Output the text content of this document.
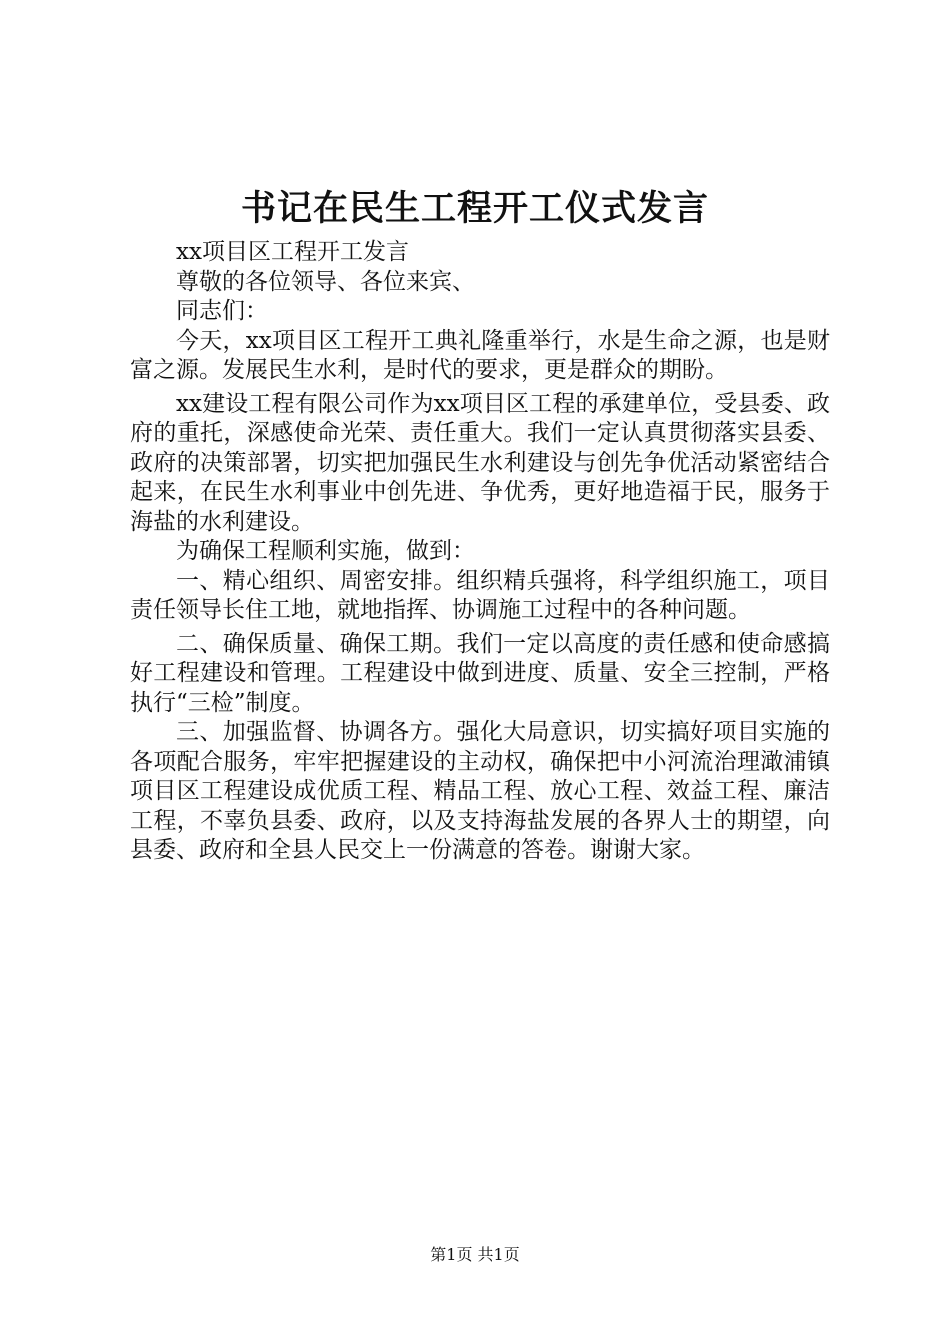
书记在民生工程开工仪式发言

xx项目区工程开工发言

尊敬的各位领导、各位来宾、

同志们：

今天，xx项目区工程开工典礼隆重举行，水是生命之源，也是财富之源。发展民生水利，是时代的要求，更是群众的期盼。

xx建设工程有限公司作为xx项目区工程的承建单位，受县委、政府的重托，深感使命光荣、责任重大。我们一定认真贯彻落实县委、政府的决策部署，切实把加强民生水利建设与创先争优活动紧密结合起来，在民生水利事业中创先进、争优秀，更好地造福于民，服务于海盐的水利建设。

为确保工程顺利实施，做到：

一、精心组织、周密安排。组织精兵强将，科学组织施工，项目责任领导长住工地，就地指挥、协调施工过程中的各种问题。

二、确保质量、确保工期。我们一定以高度的责任感和使命感搞好工程建设和管理。工程建设中做到进度、质量、安全三控制，严格执行“三检”制度。

三、加强监督、协调各方。强化大局意识，切实搞好项目实施的各项配合服务，牢牢把握建设的主动权，确保把中小河流治理澉浦镇项目区工程建设成优质工程、精品工程、放心工程、效益工程、廉洁工程，不辜负县委、政府，以及支持海盐发展的各界人士的期望，向县委、政府和全县人民交上一份满意的答卷。谢谢大家。

第1页 共1页
